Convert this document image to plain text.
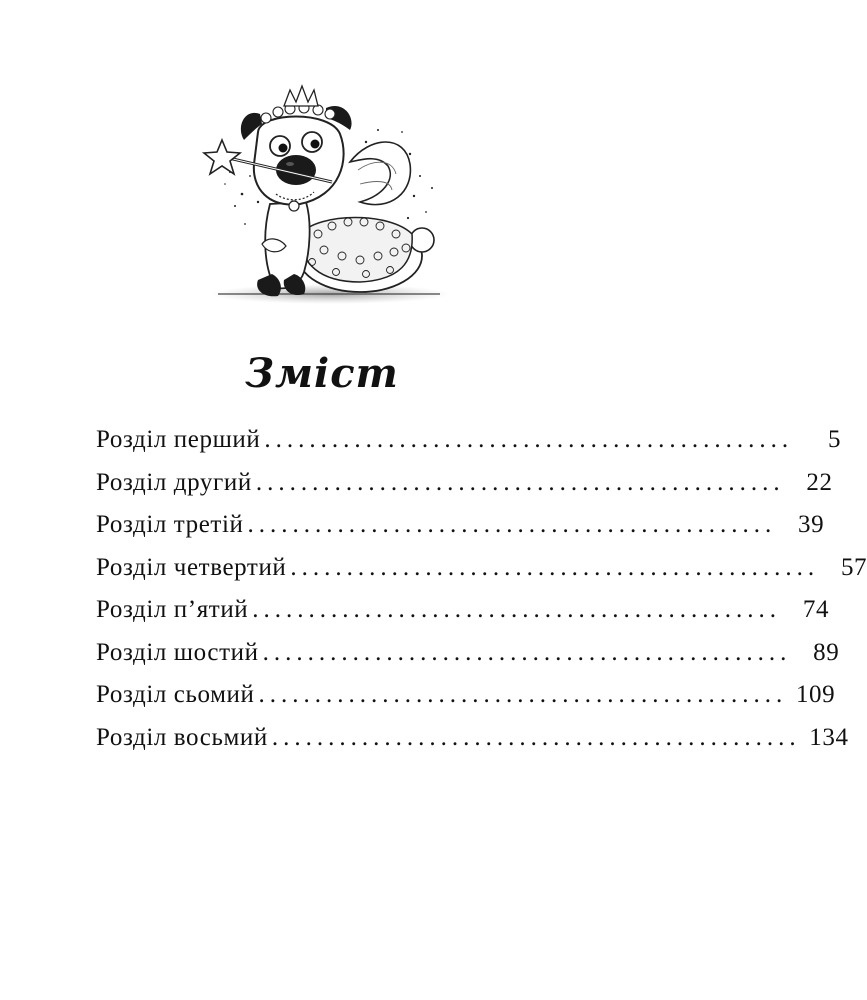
Зміст
Розділ перший ...............................................	5
Розділ другий ............................................... 22
Розділ третій ............................................... 39
Розділ четвертий ............................................... 57
Розділ п’ятий ............................................... 74
Розділ шостий ............................................... 89
Розділ сьомий ............................................... 109
Розділ восьмий ............................................... 134
